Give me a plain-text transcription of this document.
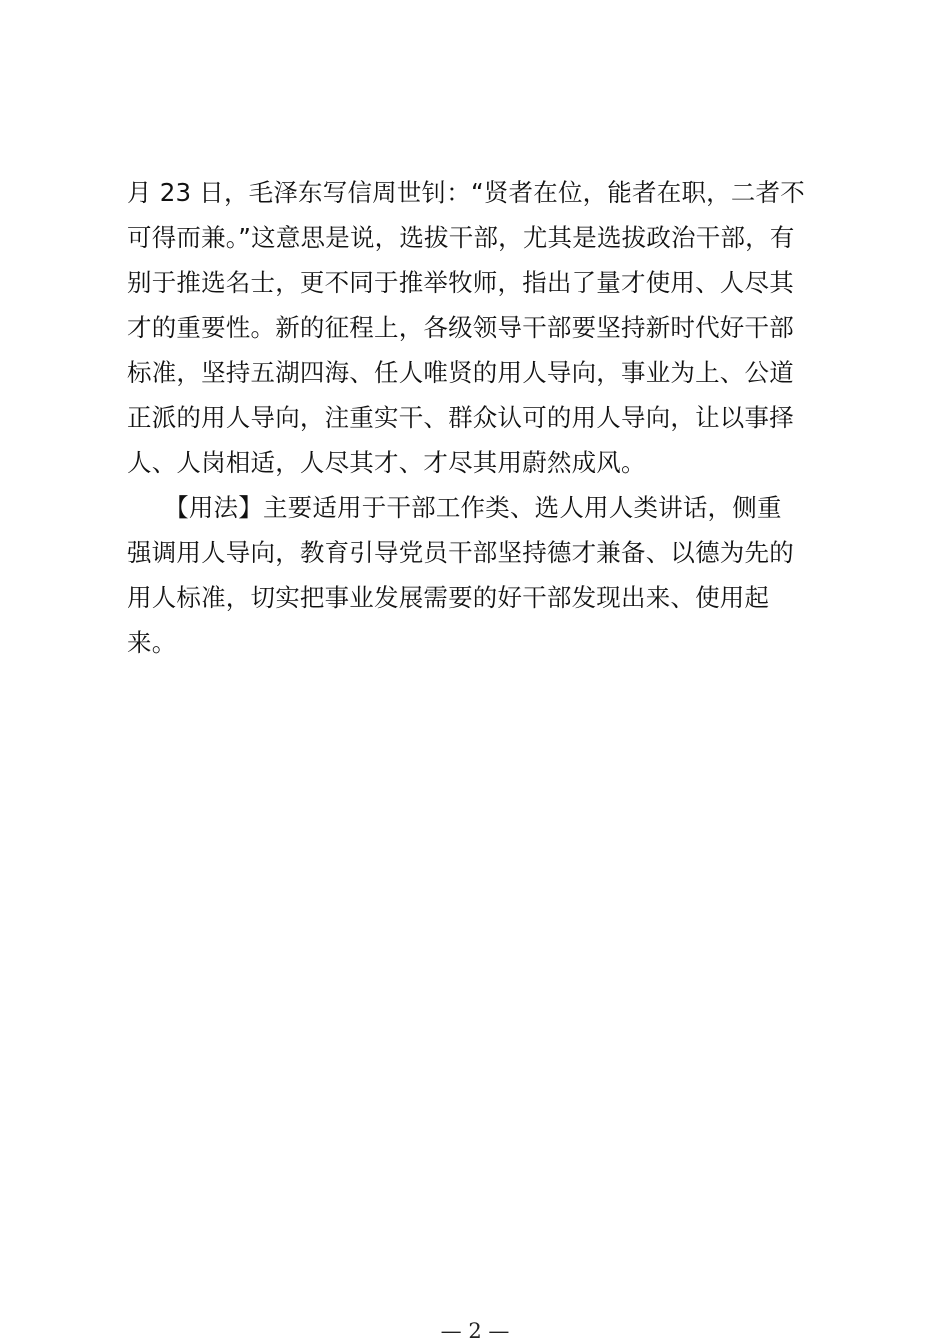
月 23 日，毛泽东写信周世钊：“贤者在位，能者在职，二者不
可得而兼。”这意思是说，选拔干部，尤其是选拔政治干部，有
别于推选名士，更不同于推举牧师，指出了量才使用、人尽其
才的重要性。新的征程上，各级领导干部要坚持新时代好干部
标准，坚持五湖四海、任人唯贤的用人导向，事业为上、公道
正派的用人导向，注重实干、群众认可的用人导向，让以事择
人、人岗相适，人尽其才、才尽其用蔚然成风。
　　【用法】主要适用于干部工作类、选人用人类讲话，侧重
强调用人导向，教育引导党员干部坚持德才兼备、以德为先的
用人标准，切实把事业发展需要的好干部发现出来、使用起
来。
— 2 —
